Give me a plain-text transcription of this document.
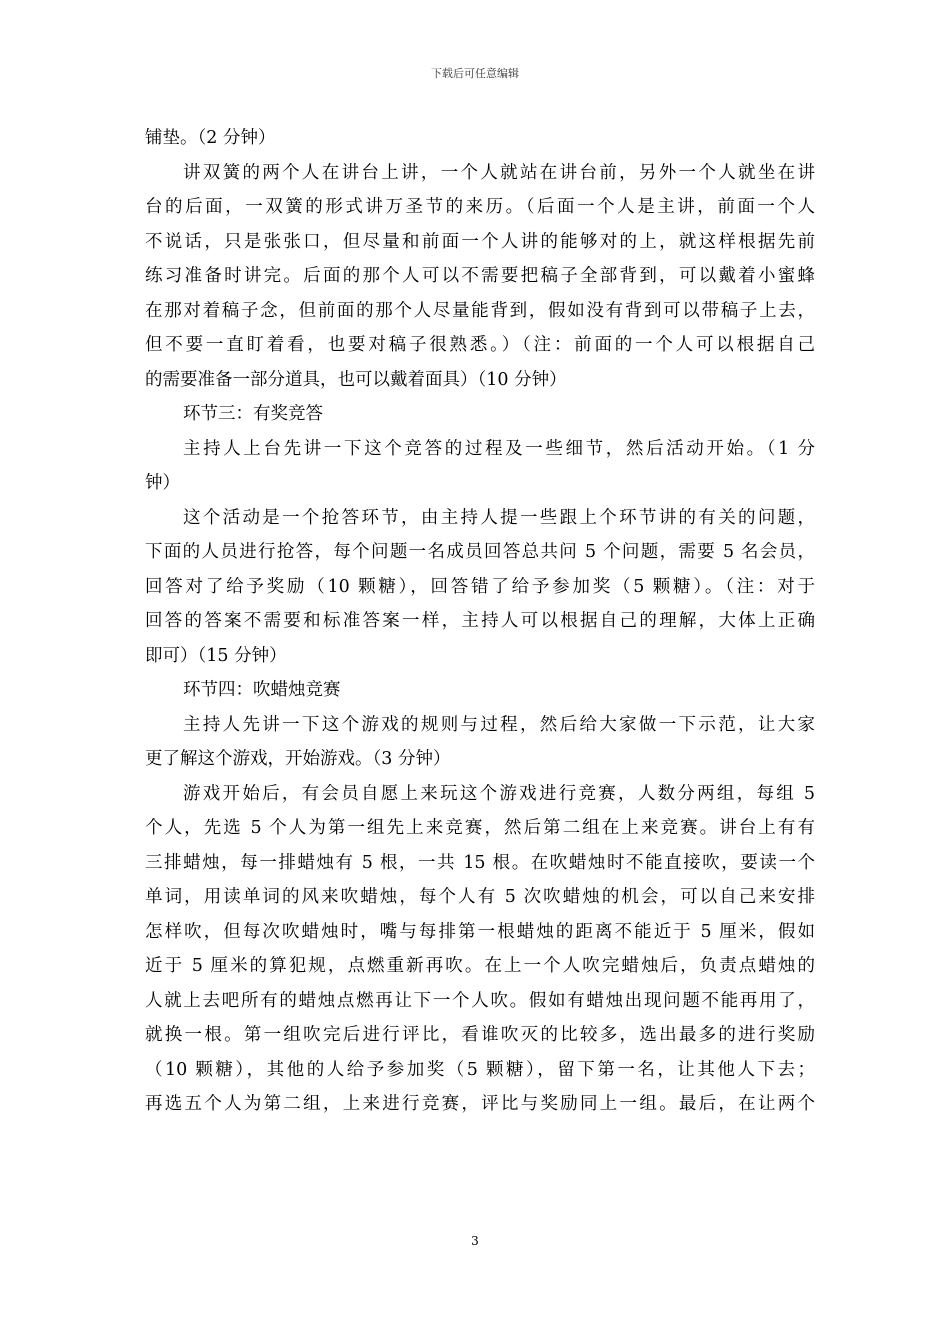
下载后可任意编辑
铺垫。（2 分钟）
讲双簧的两个人在讲台上讲，一个人就站在讲台前，另外一个人就坐在讲
台的后面，一双簧的形式讲万圣节的来历。（后面一个人是主讲，前面一个人
不说话，只是张张口，但尽量和前面一个人讲的能够对的上，就这样根据先前
练习准备时讲完。后面的那个人可以不需要把稿子全部背到，可以戴着小蜜蜂
在那对着稿子念，但前面的那个人尽量能背到，假如没有背到可以带稿子上去，
但不要一直盯着看，也要对稿子很熟悉。）（注：前面的一个人可以根据自己
的需要准备一部分道具，也可以戴着面具）（10 分钟）
环节三：有奖竞答
主持人上台先讲一下这个竞答的过程及一些细节，然后活动开始。（1 分
钟）
这个活动是一个抢答环节，由主持人提一些跟上个环节讲的有关的问题，
下面的人员进行抢答，每个问题一名成员回答总共问 5 个问题，需要 5 名会员，
回答对了给予奖励（10 颗糖），回答错了给予参加奖（5 颗糖）。（注：对于
回答的答案不需要和标准答案一样，主持人可以根据自己的理解，大体上正确
即可）（15 分钟）
环节四：吹蜡烛竞赛
主持人先讲一下这个游戏的规则与过程，然后给大家做一下示范，让大家
更了解这个游戏，开始游戏。（3 分钟）
游戏开始后，有会员自愿上来玩这个游戏进行竞赛，人数分两组，每组 5
个人，先选 5 个人为第一组先上来竞赛，然后第二组在上来竞赛。讲台上有有
三排蜡烛，每一排蜡烛有 5 根，一共 15 根。在吹蜡烛时不能直接吹，要读一个
单词，用读单词的风来吹蜡烛，每个人有 5 次吹蜡烛的机会，可以自己来安排
怎样吹，但每次吹蜡烛时，嘴与每排第一根蜡烛的距离不能近于 5 厘米，假如
近于 5 厘米的算犯规，点燃重新再吹。在上一个人吹完蜡烛后，负责点蜡烛的
人就上去吧所有的蜡烛点燃再让下一个人吹。假如有蜡烛出现问题不能再用了，
就换一根。第一组吹完后进行评比，看谁吹灭的比较多，选出最多的进行奖励
（10 颗糖），其他的人给予参加奖（5 颗糖），留下第一名，让其他人下去；
再选五个人为第二组，上来进行竞赛，评比与奖励同上一组。最后，在让两个
3
